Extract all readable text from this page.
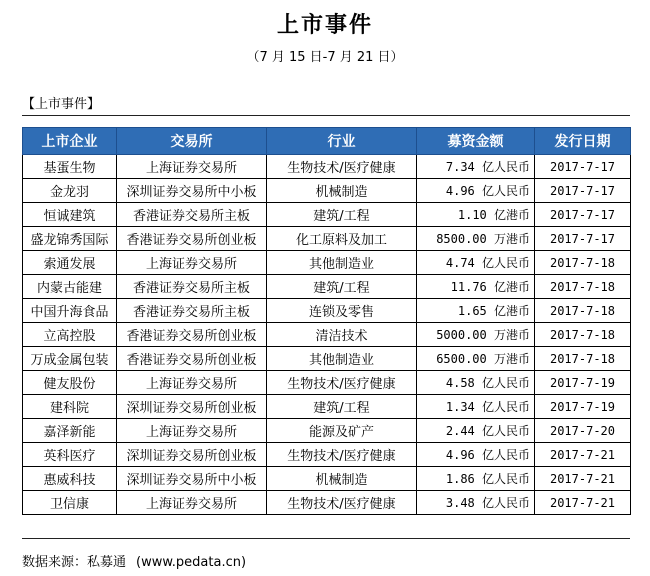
上市事件
（7 月 15 日-7 月 21 日）
【上市事件】
上市企业	交易所	行业	募资金额	发行日期
基蛋生物	上海证券交易所	生物技术/医疗健康	7.34 亿人民币	2017-7-17
金龙羽	深圳证券交易所中小板	机械制造	4.96 亿人民币	2017-7-17
恒诚建筑	香港证券交易所主板	建筑/工程	1.10 亿港币	2017-7-17
盛龙锦秀国际	香港证券交易所创业板	化工原料及加工	8500.00 万港币	2017-7-17
索通发展	上海证券交易所	其他制造业	4.74 亿人民币	2017-7-18
内蒙古能建	香港证券交易所主板	建筑/工程	11.76 亿港币	2017-7-18
中国升海食品	香港证券交易所主板	连锁及零售	1.65 亿港币	2017-7-18
立高控股	香港证券交易所创业板	清洁技术	5000.00 万港币	2017-7-18
万成金属包装	香港证券交易所创业板	其他制造业	6500.00 万港币	2017-7-18
健友股份	上海证券交易所	生物技术/医疗健康	4.58 亿人民币	2017-7-19
建科院	深圳证券交易所创业板	建筑/工程	1.34 亿人民币	2017-7-19
嘉泽新能	上海证券交易所	能源及矿产	2.44 亿人民币	2017-7-20
英科医疗	深圳证券交易所创业板	生物技术/医疗健康	4.96 亿人民币	2017-7-21
惠威科技	深圳证券交易所中小板	机械制造	1.86 亿人民币	2017-7-21
卫信康	上海证券交易所	生物技术/医疗健康	3.48 亿人民币	2017-7-21
数据来源：私募通 (www.pedata.cn)
